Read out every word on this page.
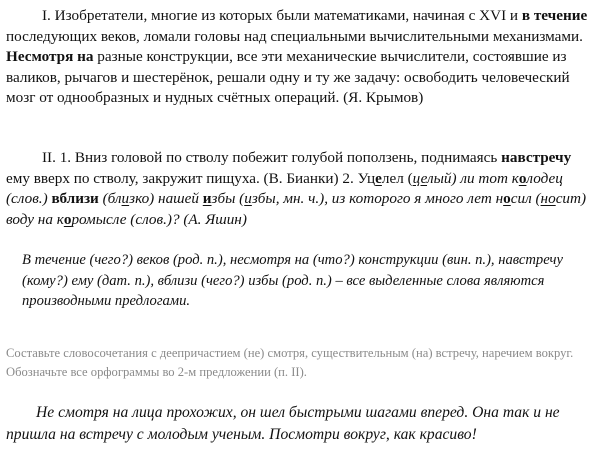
I. Изобретатели, многие из которых были математиками, начиная с XVI и в течение последующих веков, ломали головы над специальными вычислительными механизмами. Несмотря на разные конструкции, все эти механические вычислители, состоявшие из валиков, рычагов и шестерёнок, решали одну и ту же задачу: освободить человеческий мозг от однообразных и нудных счётных операций. (Я. Крымов)

II. 1. Вниз головой по стволу побежит голубой поползень, поднимаясь навстречу ему вверх по стволу, закружит пищуха. (В. Бианки) 2. Уцелел (целый) ли тот колодец (слов.) вблизи (близко) нашей избы (избы, мн. ч.), из которого я много лет носил (носит) воду на коромысле (слов.)? (А. Яшин)

В течение (чего?) веков (род. п.), несмотря на (что?) конструкции (вин. п.), навстречу (кому?) ему (дат. п.), вблизи (чего?) избы (род. п.) – все выделенные слова являются производными предлогами.

Составьте словосочетания с деепричастием (не) смотря, существительным (на) встречу, наречием вокруг. Обозначьте все орфограммы во 2-м предложении (п. II).

Не смотря на лица прохожих, он шел быстрыми шагами вперед. Она так и не пришла на встречу с молодым ученым. Посмотри вокруг, как красиво!
